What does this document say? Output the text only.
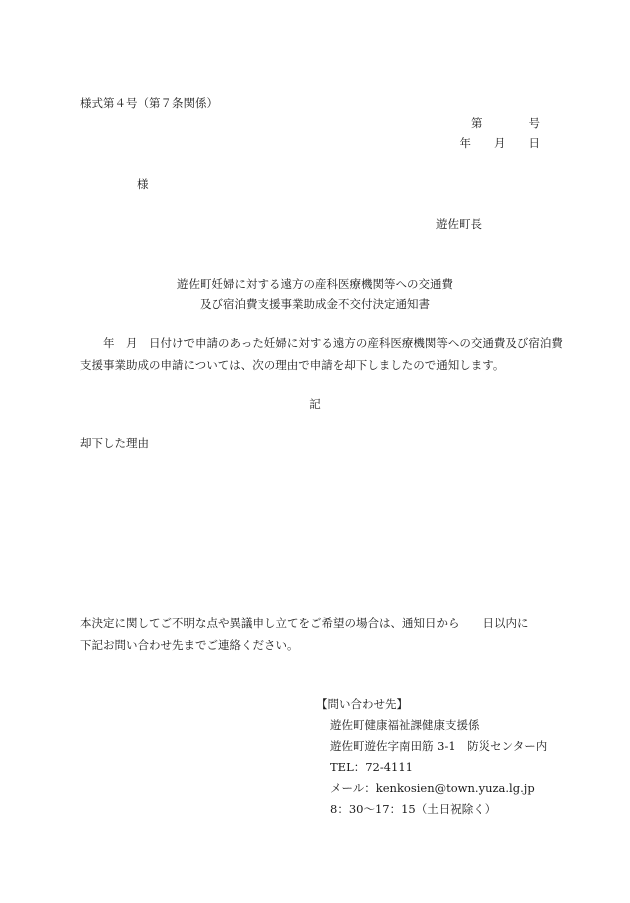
様式第４号（第７条関係）
第　　　　号
年　　月　　日
様
遊佐町長
遊佐町妊婦に対する遠方の産科医療機関等への交通費
及び宿泊費支援事業助成金不交付決定通知書
　　年　月　日付けで申請のあった妊婦に対する遠方の産科医療機関等への交通費及び宿泊費
支援事業助成の申請については、次の理由で申請を却下しましたので通知します。
記
却下した理由
本決定に関してご不明な点や異議申し立てをご希望の場合は、通知日から　　日以内に
下記お問い合わせ先までご連絡ください。
【問い合わせ先】
遊佐町健康福祉課健康支援係
遊佐町遊佐字南田筋 3-1　防災センター内
TEL：72-4111
メール：kenkosien@town.yuza.lg.jp
8：30～17：15（土日祝除く）
